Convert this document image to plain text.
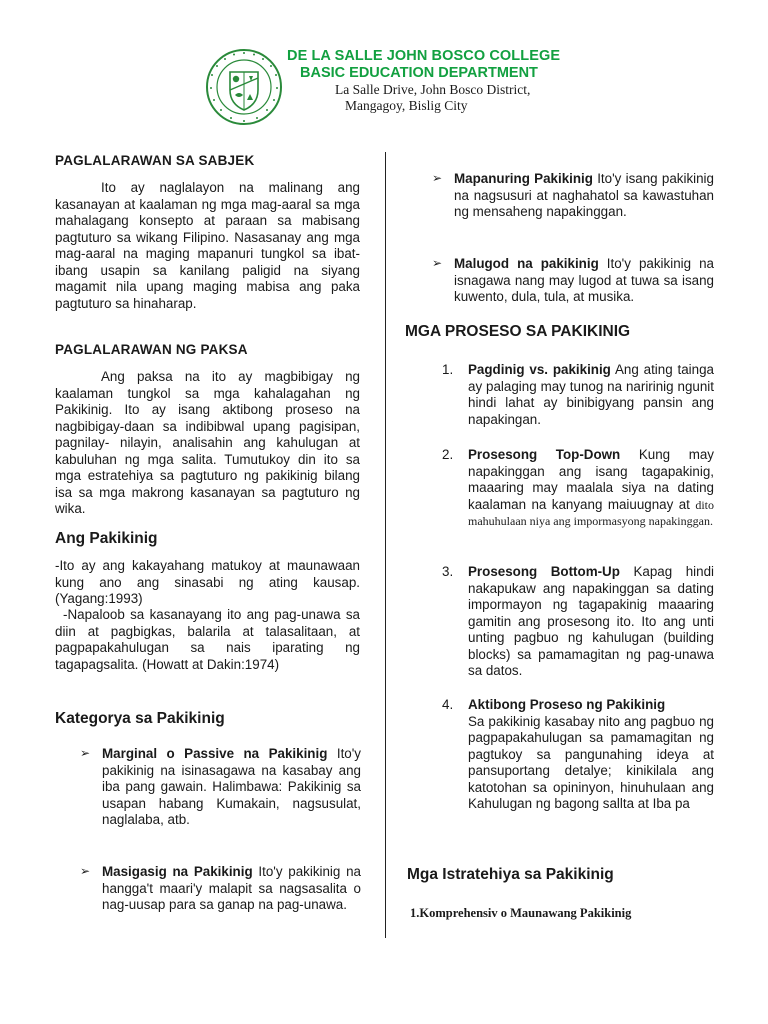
DE LA SALLE JOHN BOSCO COLLEGE
BASIC EDUCATION DEPARTMENT
La Salle Drive, John Bosco District,
Mangagoy, Bislig City
PAGLALARAWAN SA SABJEK

Ito ay naglalayon na malinang ang kasanayan at kaalaman ng mga mag-aaral sa mga mahalagang konsepto at paraan sa mabisang pagtuturo sa wikang Filipino. Nasasanay ang mga mag-aaral na maging mapanuri tungkol sa ibat-ibang usapin sa kanilang paligid na siyang magamit nila upang maging mabisa ang paka pagtuturo sa hinaharap.

PAGLALARAWAN NG PAKSA

Ang paksa na ito ay magbibigay ng kaalaman tungkol sa mga kahalagahan ng Pakikinig. Ito ay isang aktibong proseso na nagbibigay-daan sa indibibwal upang pagisipan, pagnilay- nilayin, analisahin ang kahulugan at kabuluhan ng mga salita. Tumutukoy din ito sa mga estratehiya sa pagtuturo ng pakikinig bilang isa sa mga makrong kasanayan sa pagtuturo ng wika.

Ang Pakikinig

-Ito ay ang kakayahang matukoy at maunawaan kung ano ang sinasabi ng ating kausap. (Yagang:1993)

-Napaloob sa kasanayang ito ang pag-unawa sa diin at pagbigkas, balarila at talasalitaan, at pagpapakahulugan sa nais iparating ng tagapagsalita. (Howatt at Dakin:1974)

Kategorya sa Pakikinig
➢ Marginal o Passive na Pakikinig Ito'y pakikinig na isinasagawa na kasabay ang iba pang gawain. Halimbawa: Pakikinig sa usapan habang Kumakain, nagsusulat, naglalaba, atb.

➢ Masigasig na Pakikinig Ito'y pakikinig na hangga't maari'y malapit sa nagsasalita o nag-uusap para sa ganap na pag-unawa.

➢ Mapanuring Pakikinig Ito'y isang pakikinig na nagsusuri at naghahatol sa kawastuhan ng mensaheng napakinggan.

➢ Malugod na pakikinig Ito'y pakikinig na isnagawa nang may lugod at tuwa sa isang kuwento, dula, tula, at musika.

MGA PROSESO SA PAKIKINIG
1. Pagdinig vs. pakikinig Ang ating tainga ay palaging may tunog na naririnig ngunit hindi lahat ay binibigyang pansin ang napakingan.

2. Prosesong Top-Down Kung may napakinggan ang isang tagapakinig, maaaring may maalala siya na dating kaalaman na kanyang maiuugnay at dito mahuhulaan niya ang impormasyong napakinggan.

3. Prosesong Bottom-Up Kapag hindi nakapukaw ang napakinggan sa dating impormayon ng tagapakinig maaaring gamitin ang prosesong ito. Ito ang unti unting pagbuo ng kahulugan (building blocks) sa pamamagitan ng pag-unawa sa datos.

4. Aktibong Proseso ng Pakikinig
Sa pakikinig kasabay nito ang pagbuo ng pagpapakahulugan sa pamamagitan ng pagtukoy sa pangunahing ideya at pansuportang detalye; kinikilala ang katotohan sa opininyon, hinuhulaan ang Kahulugan ng bagong sallta at Iba pa

Mga Istratehiya sa Pakikinig

1.Komprehensiv o Maunawang Pakikinig
